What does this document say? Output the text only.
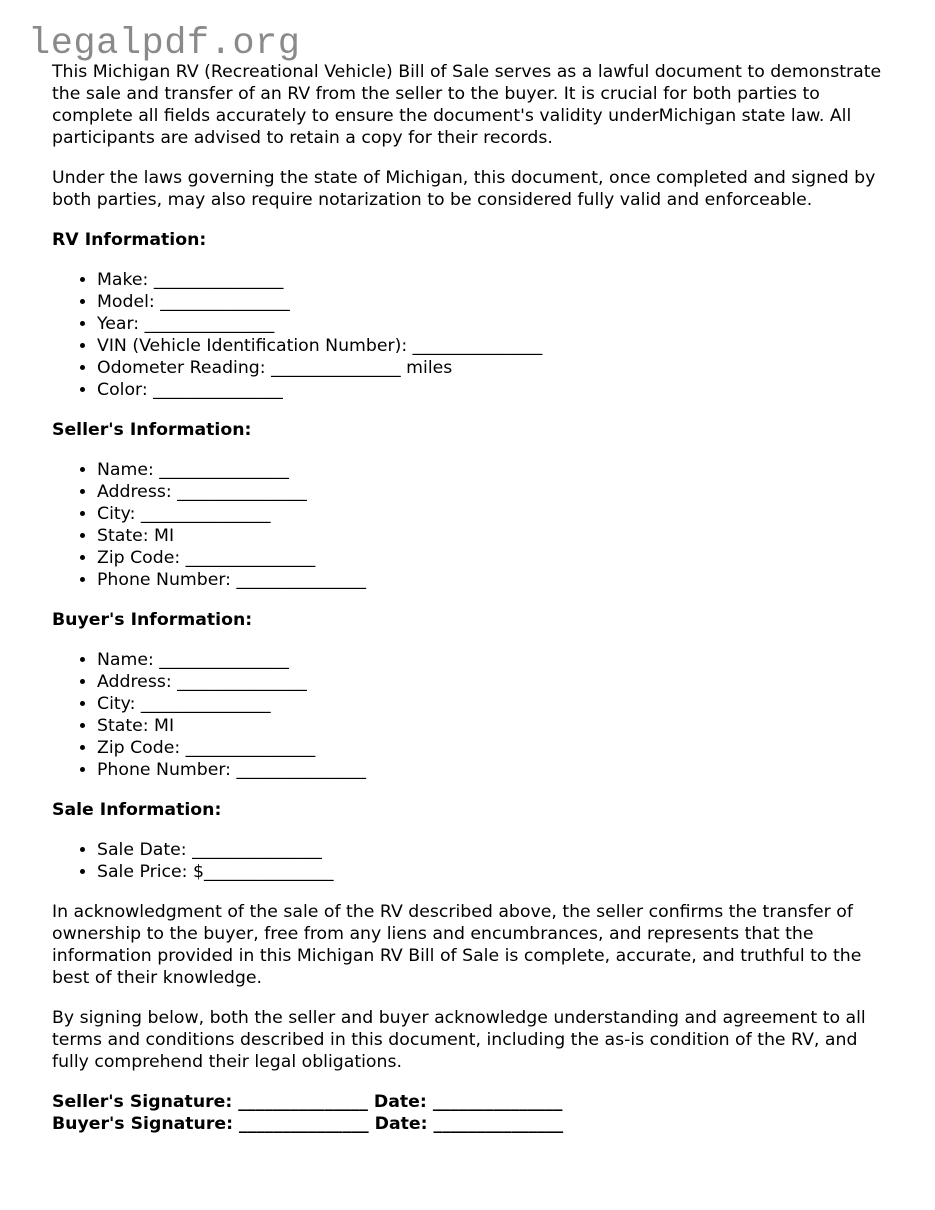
legalpdf.org

This Michigan RV (Recreational Vehicle) Bill of Sale serves as a lawful document to demonstrate the sale and transfer of an RV from the seller to the buyer. It is crucial for both parties to complete all fields accurately to ensure the document's validity underMichigan state law. All participants are advised to retain a copy for their records.

Under the laws governing the state of Michigan, this document, once completed and signed by both parties, may also require notarization to be considered fully valid and enforceable.

RV Information:
• Make: _______________
• Model: _______________
• Year: _______________
• VIN (Vehicle Identification Number): _______________
• Odometer Reading: _______________ miles
• Color: _______________
Seller's Information:
• Name: _______________
• Address: _______________
• City: _______________
• State: MI
• Zip Code: _______________
• Phone Number: _______________
Buyer's Information:
• Name: _______________
• Address: _______________
• City: _______________
• State: MI
• Zip Code: _______________
• Phone Number: _______________
Sale Information:
• Sale Date: _______________
• Sale Price: $_______________

In acknowledgment of the sale of the RV described above, the seller confirms the transfer of ownership to the buyer, free from any liens and encumbrances, and represents that the information provided in this Michigan RV Bill of Sale is complete, accurate, and truthful to the best of their knowledge.

By signing below, both the seller and buyer acknowledge understanding and agreement to all terms and conditions described in this document, including the as-is condition of the RV, and fully comprehend their legal obligations.

Seller's Signature: _______________ Date: _______________
Buyer's Signature: _______________ Date: _______________
